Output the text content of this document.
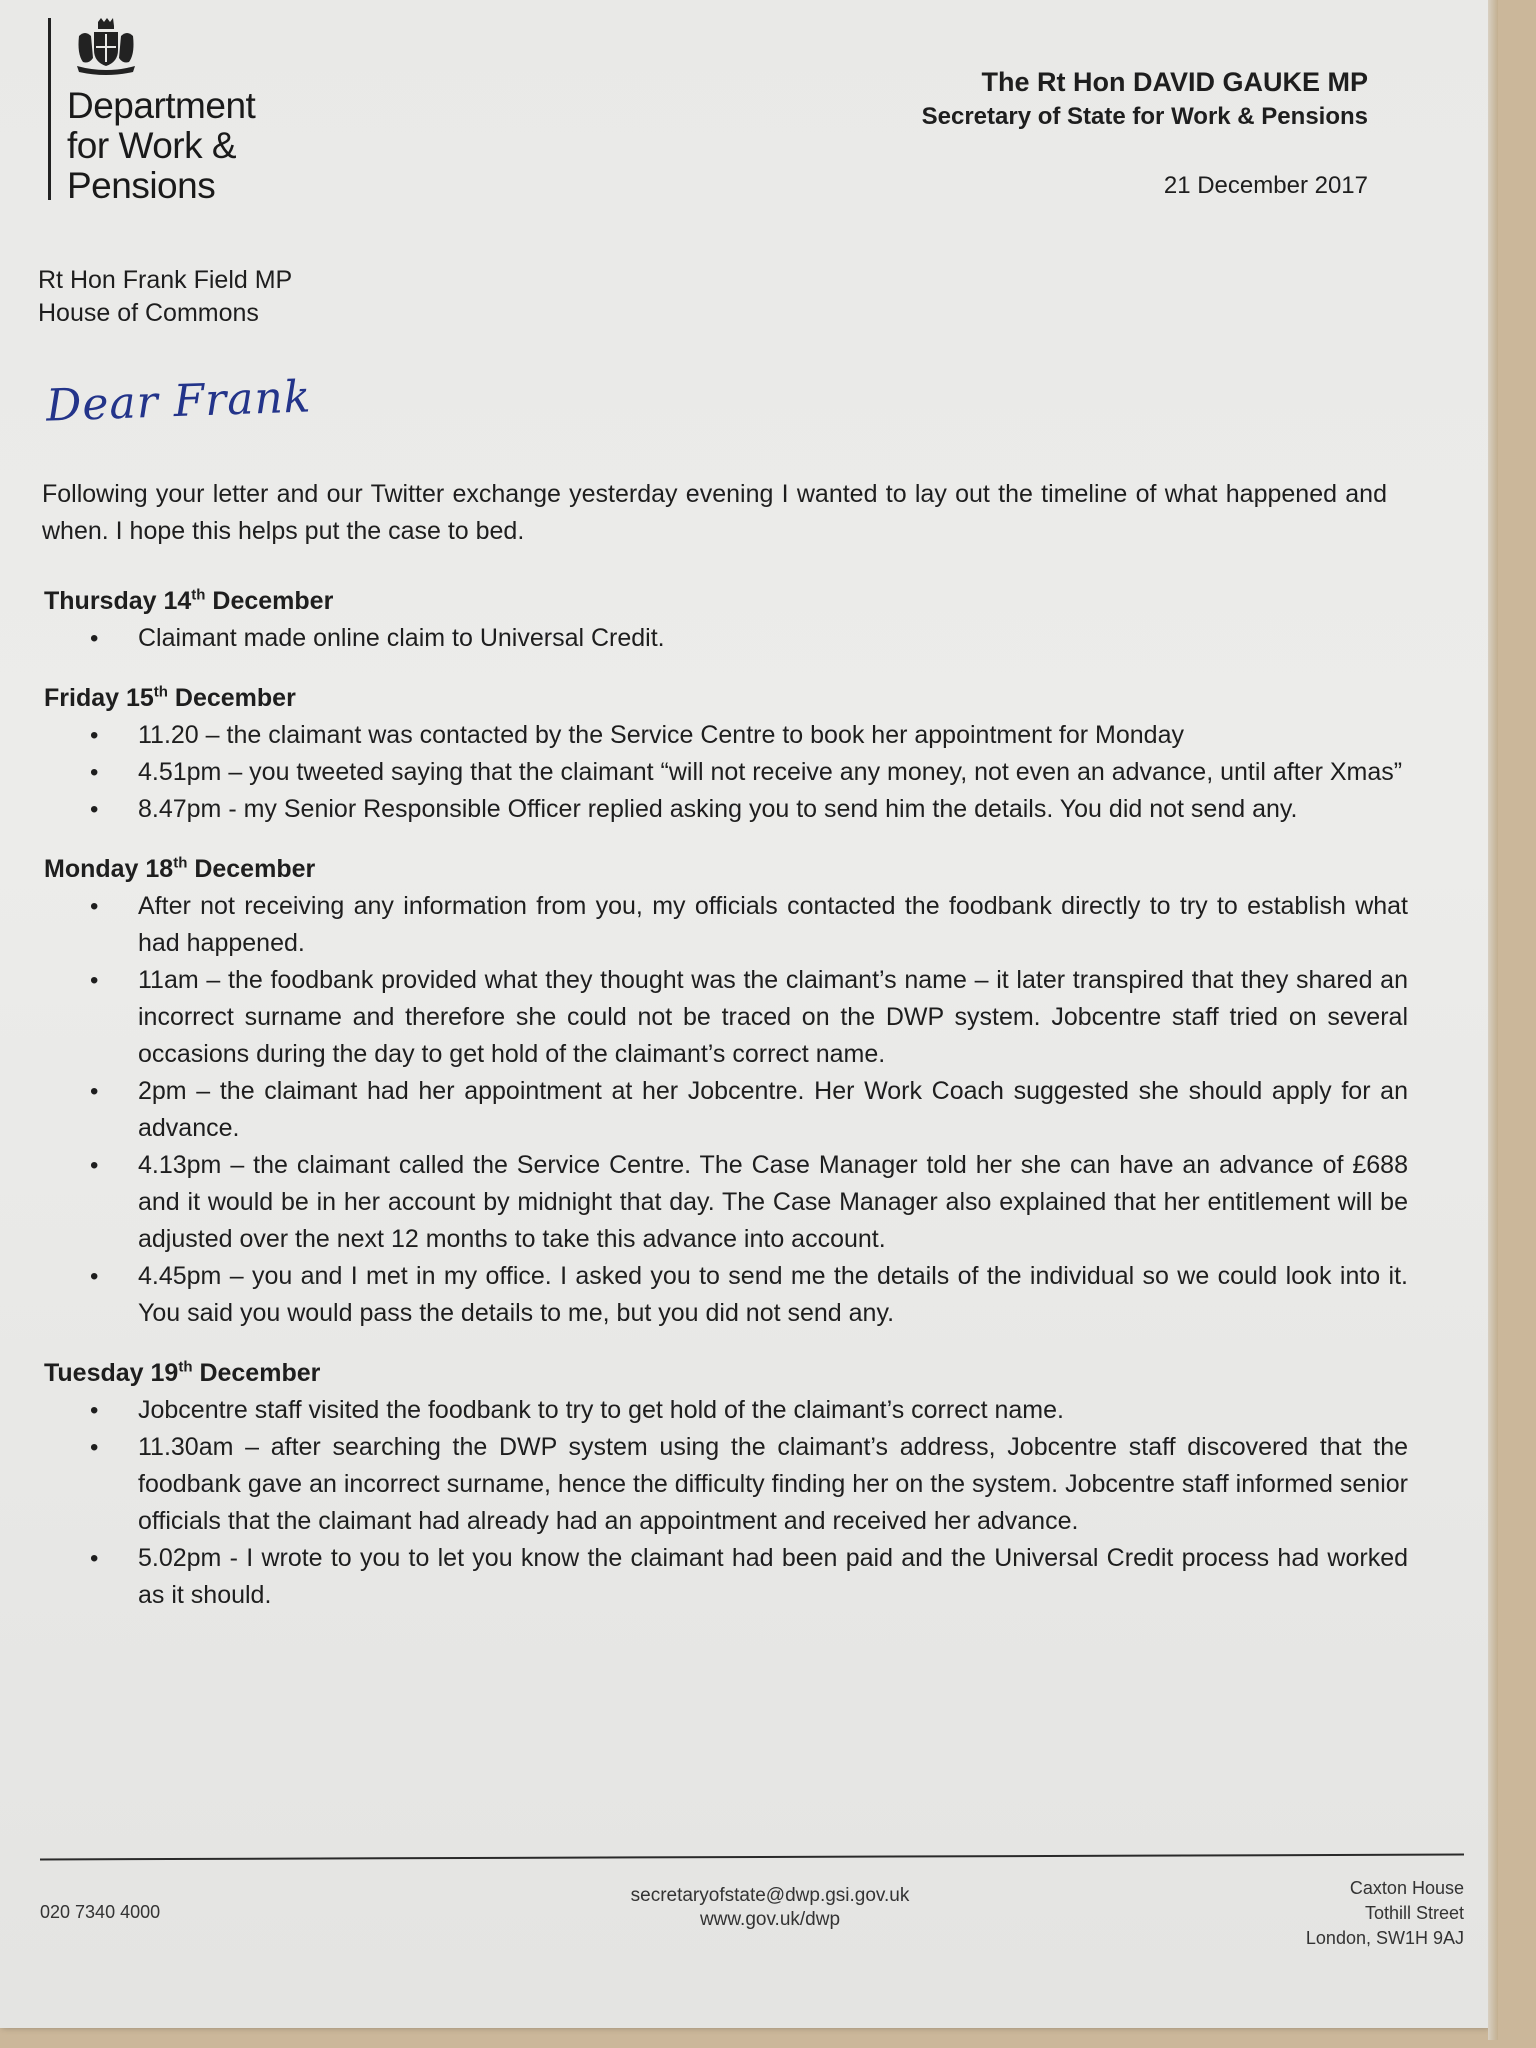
Department
for Work &
Pensions
The Rt Hon DAVID GAUKE MP
Secretary of State for Work & Pensions
21 December 2017
Rt Hon Frank Field MP
House of Commons
Dear Frank
Following your letter and our Twitter exchange yesterday evening I wanted to lay out the timeline of what happened and when. I hope this helps put the case to bed.
Thursday 14th December
• Claimant made online claim to Universal Credit.
Friday 15th December
• 11.20 – the claimant was contacted by the Service Centre to book her appointment for Monday
• 4.51pm – you tweeted saying that the claimant “will not receive any money, not even an advance, until after Xmas”
• 8.47pm - my Senior Responsible Officer replied asking you to send him the details. You did not send any.
Monday 18th December
• After not receiving any information from you, my officials contacted the foodbank directly to try to establish what had happened.
• 11am – the foodbank provided what they thought was the claimant’s name – it later transpired that they shared an incorrect surname and therefore she could not be traced on the DWP system. Jobcentre staff tried on several occasions during the day to get hold of the claimant’s correct name.
• 2pm – the claimant had her appointment at her Jobcentre. Her Work Coach suggested she should apply for an advance.
• 4.13pm – the claimant called the Service Centre. The Case Manager told her she can have an advance of £688 and it would be in her account by midnight that day. The Case Manager also explained that her entitlement will be adjusted over the next 12 months to take this advance into account.
• 4.45pm – you and I met in my office. I asked you to send me the details of the individual so we could look into it. You said you would pass the details to me, but you did not send any.
Tuesday 19th December
• Jobcentre staff visited the foodbank to try to get hold of the claimant’s correct name.
• 11.30am – after searching the DWP system using the claimant’s address, Jobcentre staff discovered that the foodbank gave an incorrect surname, hence the difficulty finding her on the system. Jobcentre staff informed senior officials that the claimant had already had an appointment and received her advance.
• 5.02pm - I wrote to you to let you know the claimant had been paid and the Universal Credit process had worked as it should.
020 7340 4000
secretaryofstate@dwp.gsi.gov.uk
www.gov.uk/dwp
Caxton House
Tothill Street
London, SW1H 9AJ
